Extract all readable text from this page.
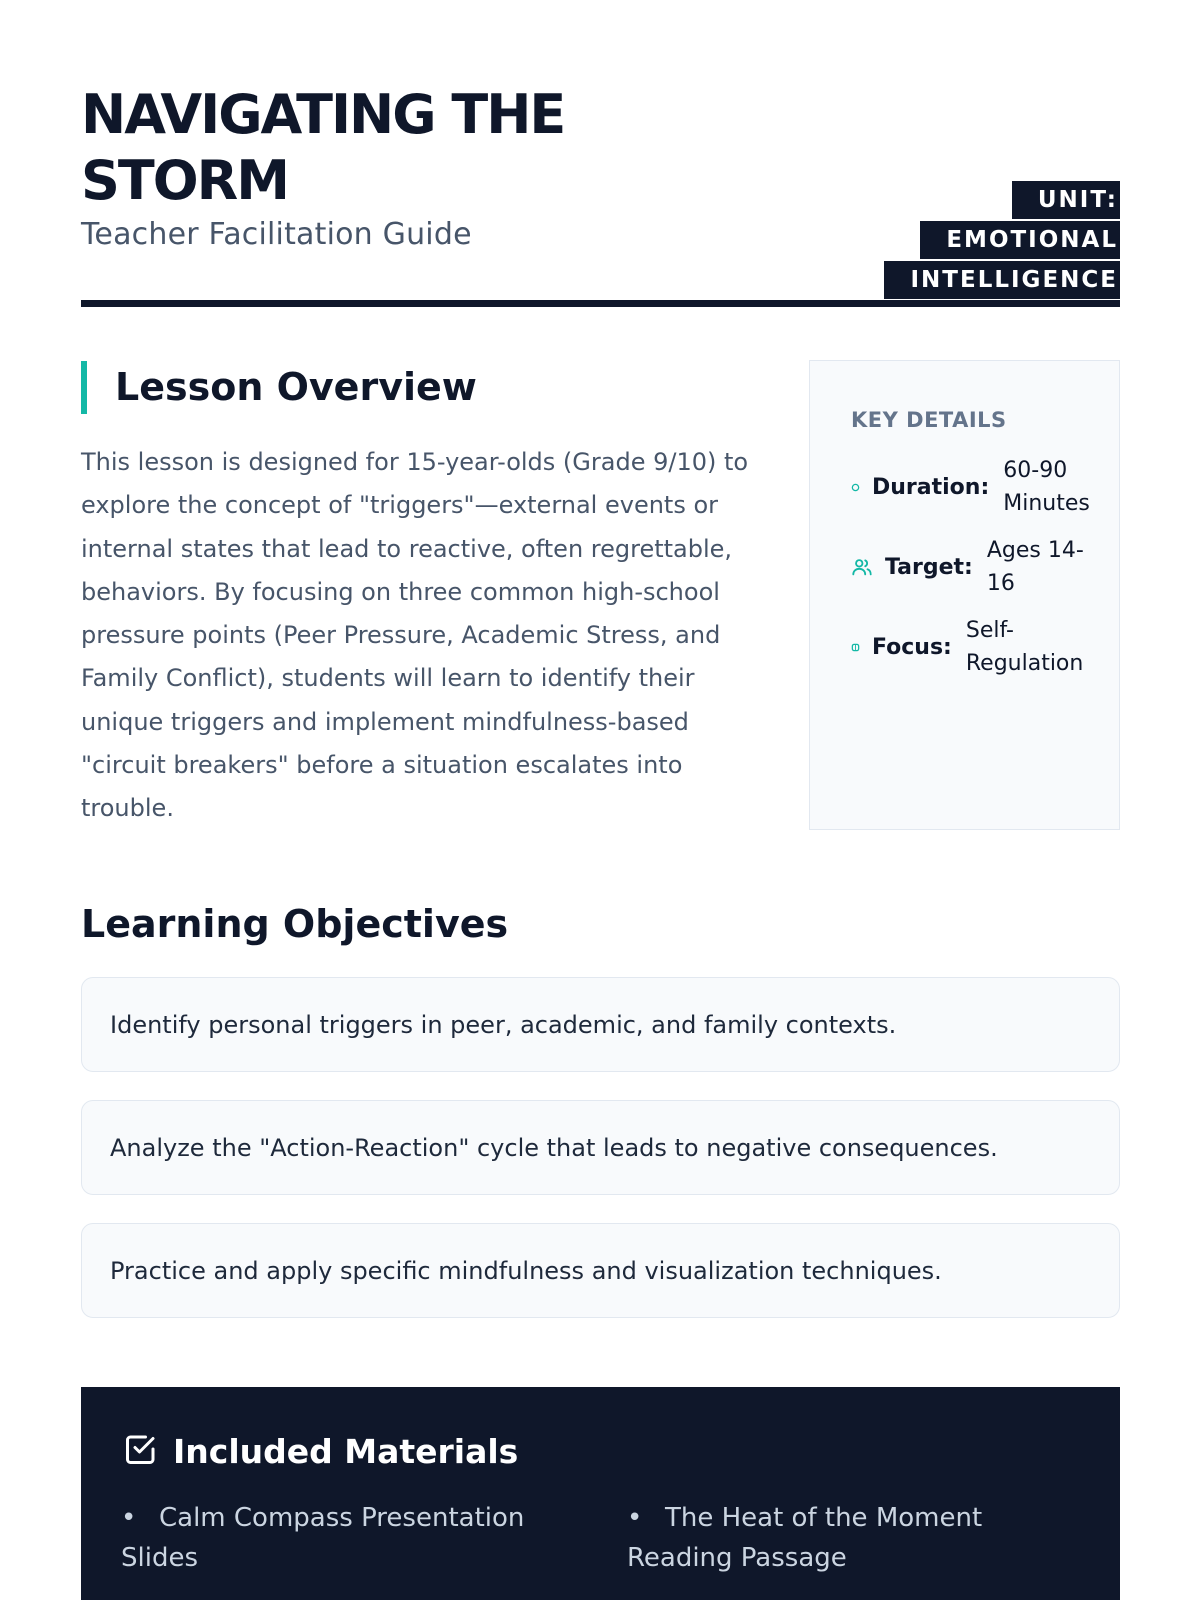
NAVIGATING THE STORM
Teacher Facilitation Guide
UNIT: EMOTIONAL INTELLIGENCE
Lesson Overview

This lesson is designed for 15-year-olds (Grade 9/10) to explore the concept of "triggers"—external events or internal states that lead to reactive, often regrettable, behaviors. By focusing on three common high-school pressure points (Peer Pressure, Academic Stress, and Family Conflict), students will learn to identify their unique triggers and implement mindfulness-based "circuit breakers" before a situation escalates into trouble.

KEY DETAILS
Duration:
60-90 Minutes
Target:
Ages 14-16
Focus:
Self-Regulation
Learning Objectives
Identify personal triggers in peer, academic, and family contexts.
Analyze the "Action-Reaction" cycle that leads to negative consequences.
Practice and apply specific mindfulness and visualization techniques.
Included Materials
• Calm Compass Presentation Slides
• The Heat of the Moment Reading Passage
